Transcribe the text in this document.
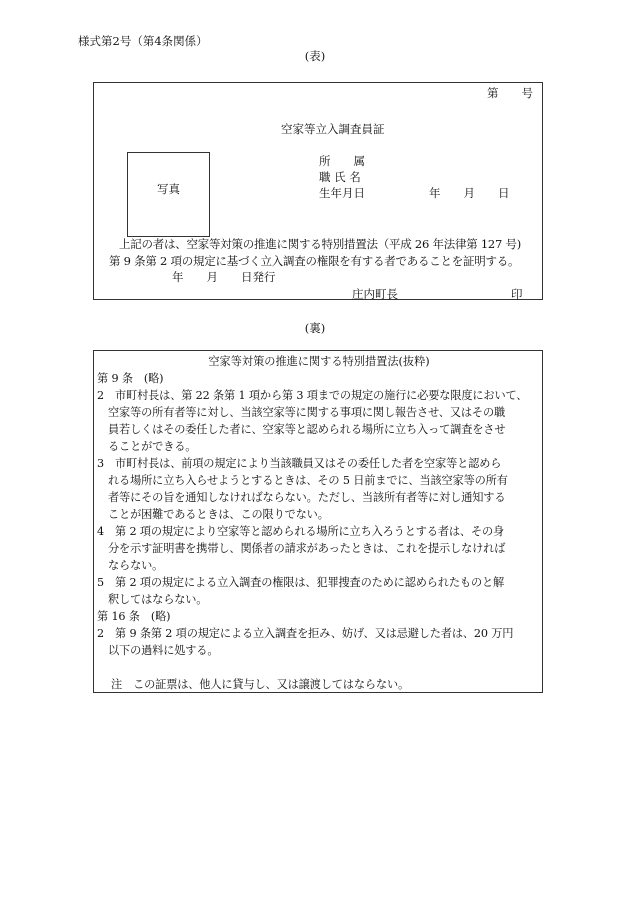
様式第2号（第4条関係）
(表)
第　　号
空家等立入調査員証
写真
所　　属
職 氏 名
生年月日	年　　月　　日
上記の者は、空家等対策の推進に関する特別措置法（平成 26 年法律第 127 号)
第 9 条第 2 項の規定に基づく立入調査の権限を有する者であることを証明する。
年　　月　　日発行
庄内町長	印
(裏)
空家等対策の推進に関する特別措置法(抜粋)
第 9 条　(略)
2　市町村長は、第 22 条第 1 項から第 3 項までの規定の施行に必要な限度において、
空家等の所有者等に対し、当該空家等に関する事項に関し報告させ、又はその職
員若しくはその委任した者に、空家等と認められる場所に立ち入って調査をさせ
ることができる。
3　市町村長は、前項の規定により当該職員又はその委任した者を空家等と認めら
れる場所に立ち入らせようとするときは、その 5 日前までに、当該空家等の所有
者等にその旨を通知しなければならない。ただし、当該所有者等に対し通知する
ことが困難であるときは、この限りでない。
4　第 2 項の規定により空家等と認められる場所に立ち入ろうとする者は、その身
分を示す証明書を携帯し、関係者の請求があったときは、これを提示しなければ
ならない。
5　第 2 項の規定による立入調査の権限は、犯罪捜査のために認められたものと解
釈してはならない。
第 16 条　(略)
2　第 9 条第 2 項の規定による立入調査を拒み、妨げ、又は忌避した者は、20 万円
以下の過料に処する。
注　この証票は、他人に貸与し、又は譲渡してはならない。
